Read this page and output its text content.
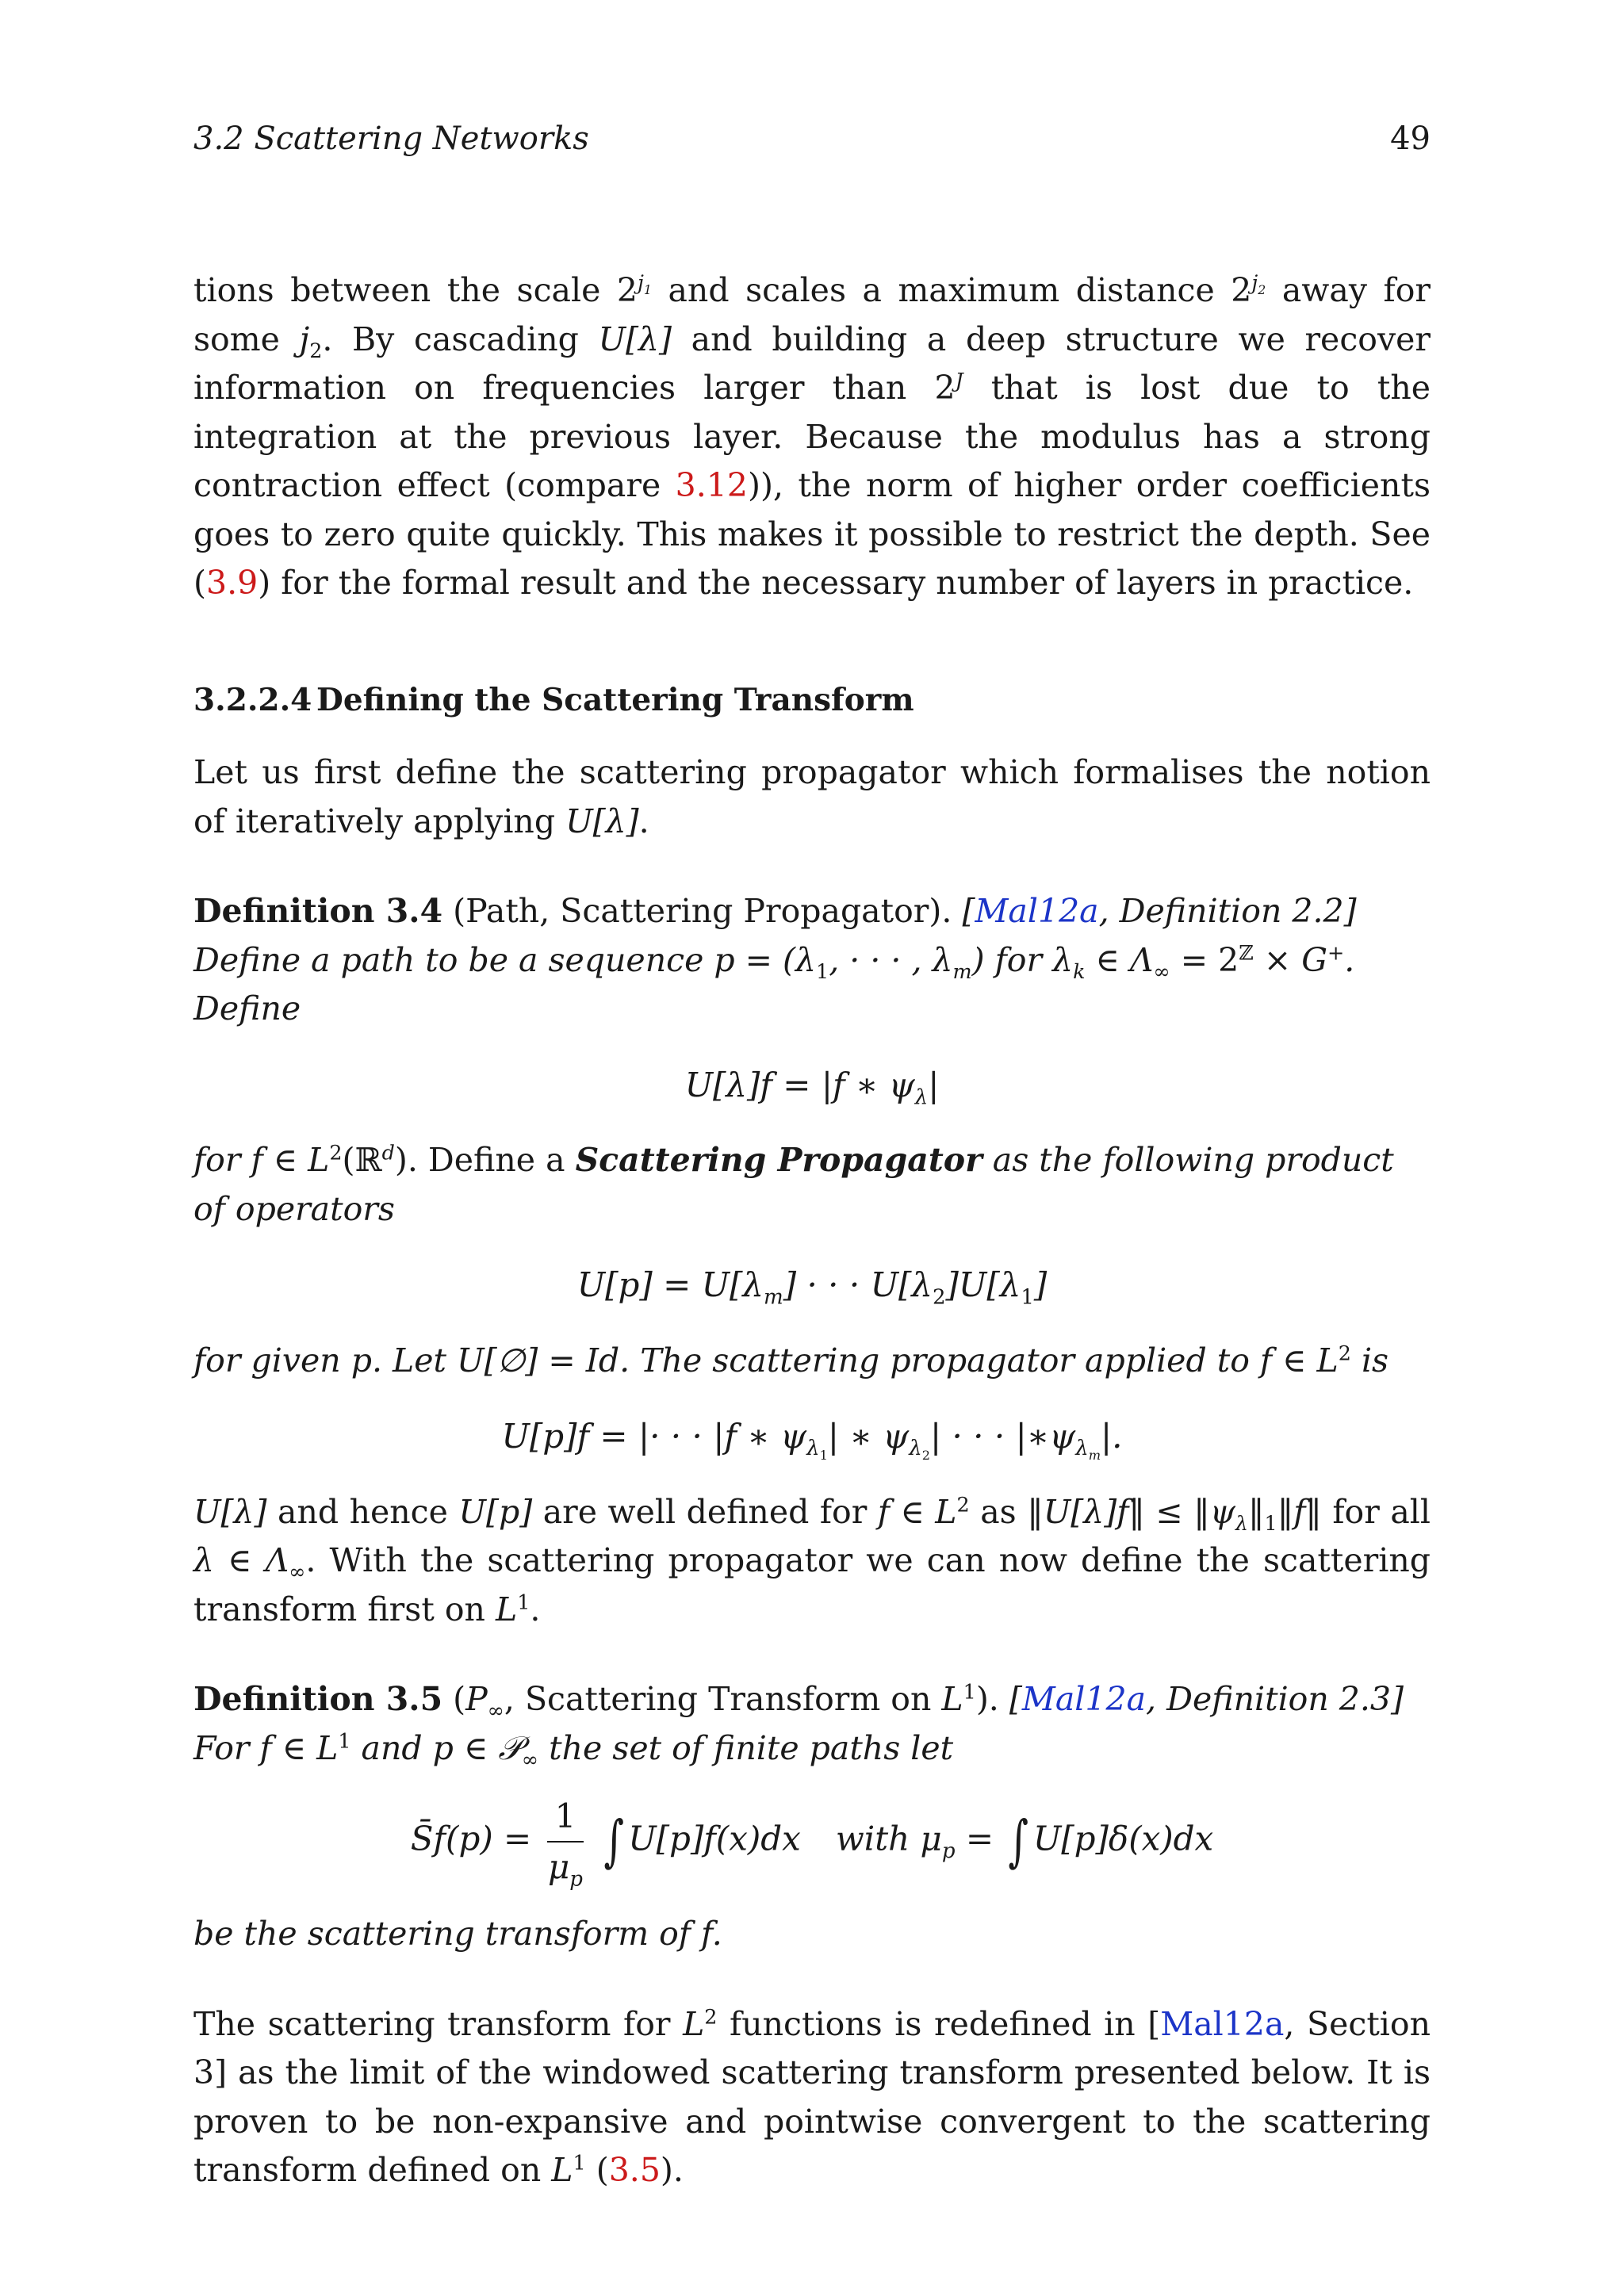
3.2 Scattering Networks	49

tions between the scale $2^{j_1}$ and scales a maximum distance $2^{j_2}$ away for some $j_2$. By cascading U[λ] and building a deep structure we recover information on frequencies larger than $2^J$ that is lost due to the integration at the previous layer. Because the modulus has a strong contraction effect (compare 3.12)), the norm of higher order coefficients goes to zero quite quickly. This makes it possible to restrict the depth. See (3.9) for the formal result and the necessary number of layers in practice.

3.2.2.4 Defining the Scattering Transform

Let us first define the scattering propagator which formalises the notion of iteratively applying U[λ].

Definition 3.4 (Path, Scattering Propagator). [Mal12a, Definition 2.2]

Define a path to be a sequence $p = (\lambda_1$, · · · , $\lambda_m$) for $\lambda_k$ ∈ $\Lambda_\infty = 2^ℤ \times G^+$. Define

U[λ]f = |f ∗ $\psi_\lambda|$

for f ∈ $L^2(ℝ^d)$. Define a Scattering Propagator as the following product of operators

$U[p] = U[\lambda_m]$ · · · $U[\lambda_2]U[\lambda_1]$

for given p. Let U[∅] = Id. The scattering propagator applied to f ∈ $L^2$ is

U[p]f = |· · · |f ∗ $\psi_{\lambda_1}|$ ∗ $\psi_{\lambda_2}|$ · · · $|∗\psi_{\lambda_m}|$.

U[λ] and hence U[p] are well defined for f ∈ $L^2$ as ‖U[λ]f‖ ≤ $‖\psi_\lambda‖_1‖f‖$ for all λ ∈ $\Lambda_\infty$. With the scattering propagator we can now define the scattering transform first on $L^1$.

Definition 3.5 ($P_\infty$, Scattering Transform on $L^1$). [Mal12a, Definition 2.3]

For f ∈ $L^1$ and p ∈ 𝒫$_\infty$ the set of finite paths let

S̄f(p) = $\frac{1}{\mu_p}$ ∫ U[p]f(x)dx with $\mu_p$ = ∫ U[p]δ(x)dx

be the scattering transform of f.

The scattering transform for $L^2$ functions is redefined in [Mal12a, Section 3] as the limit of the windowed scattering transform presented below. It is proven to be non-expansive and pointwise convergent to the scattering transform defined on $L^1$ (3.5).
